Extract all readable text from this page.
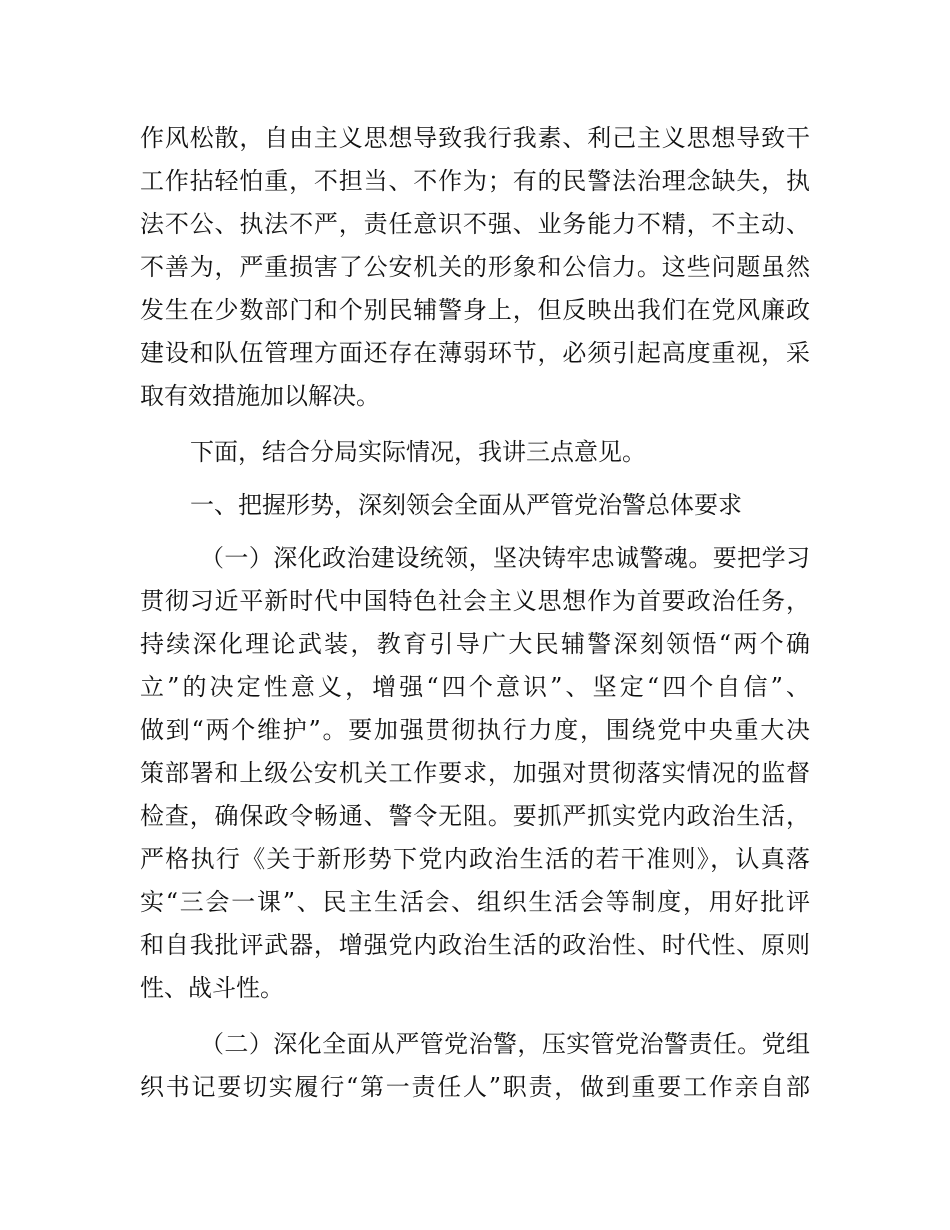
作风松散，自由主义思想导致我行我素、利己主义思想导致干
工作拈轻怕重，不担当、不作为；有的民警法治理念缺失，执
法不公、执法不严，责任意识不强、业务能力不精，不主动、
不善为，严重损害了公安机关的形象和公信力。这些问题虽然
发生在少数部门和个别民辅警身上，但反映出我们在党风廉政
建设和队伍管理方面还存在薄弱环节，必须引起高度重视，采
取有效措施加以解决。
下面，结合分局实际情况，我讲三点意见。
一、把握形势，深刻领会全面从严管党治警总体要求
（一）深化政治建设统领，坚决铸牢忠诚警魂。要把学习
贯彻习近平新时代中国特色社会主义思想作为首要政治任务，
持续深化理论武装，教育引导广大民辅警深刻领悟“两个确
立”的决定性意义，增强“四个意识”、坚定“四个自信”、
做到“两个维护”。要加强贯彻执行力度，围绕党中央重大决
策部署和上级公安机关工作要求，加强对贯彻落实情况的监督
检查，确保政令畅通、警令无阻。要抓严抓实党内政治生活，
严格执行《关于新形势下党内政治生活的若干准则》，认真落
实“三会一课”、民主生活会、组织生活会等制度，用好批评
和自我批评武器，增强党内政治生活的政治性、时代性、原则
性、战斗性。
（二）深化全面从严管党治警，压实管党治警责任。党组
织书记要切实履行“第一责任人”职责，做到重要工作亲自部
